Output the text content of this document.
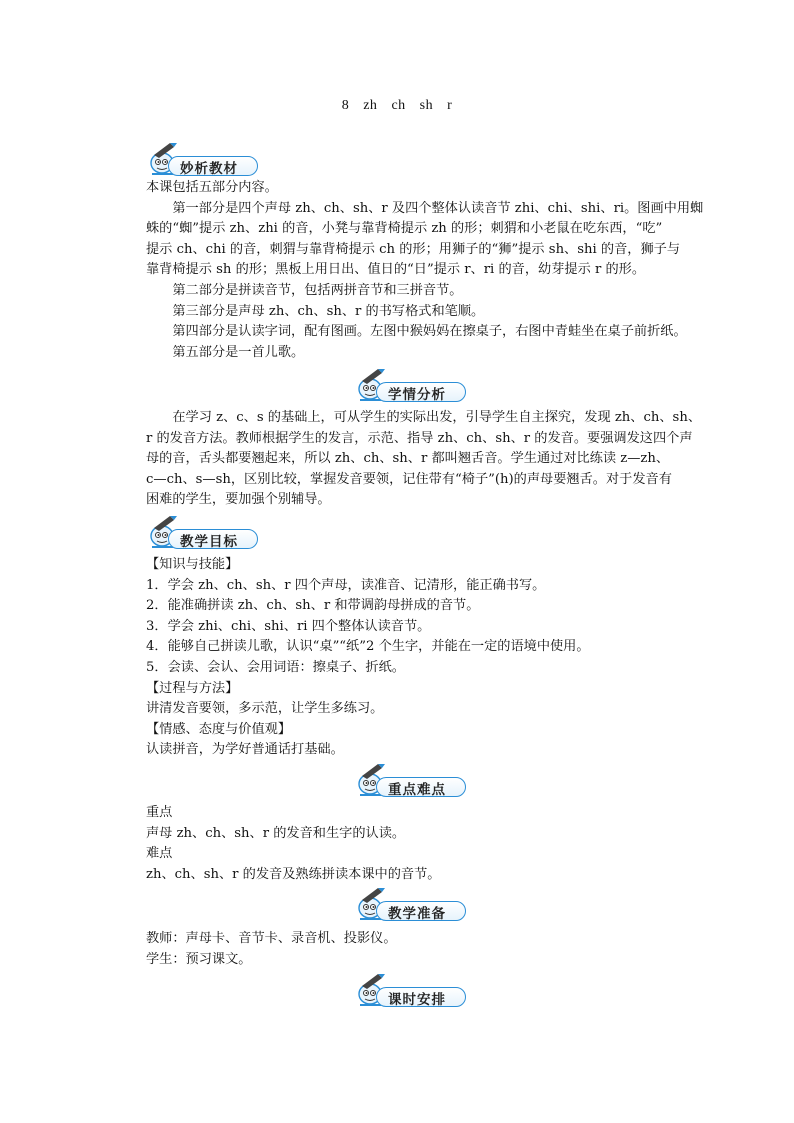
8 zh ch sh r
妙析教材
本课包括五部分内容。
　　第一部分是四个声母 zh、ch、sh、r 及四个整体认读音节 zhi、chi、shi、ri。图画中用蜘
蛛的“蜘”提示 zh、zhi 的音，小凳与靠背椅提示 zh 的形；刺猬和小老鼠在吃东西，“吃”
提示 ch、chi 的音，刺猬与靠背椅提示 ch 的形；用狮子的“狮”提示 sh、shi 的音，狮子与
靠背椅提示 sh 的形；黑板上用日出、值日的“日”提示 r、ri 的音，幼芽提示 r 的形。
　　第二部分是拼读音节，包括两拼音节和三拼音节。
　　第三部分是声母 zh、ch、sh、r 的书写格式和笔顺。
　　第四部分是认读字词，配有图画。左图中猴妈妈在擦桌子，右图中青蛙坐在桌子前折纸。
　　第五部分是一首儿歌。
学情分析
　　在学习 z、c、s 的基础上，可从学生的实际出发，引导学生自主探究，发现 zh、ch、sh、
r 的发音方法。教师根据学生的发言，示范、指导 zh、ch、sh、r 的发音。要强调发这四个声
母的音，舌头都要翘起来，所以 zh、ch、sh、r 都叫翘舌音。学生通过对比练读 z—zh、
c—ch、s—sh，区别比较，掌握发音要领，记住带有“椅子”(h)的声母要翘舌。对于发音有
困难的学生，要加强个别辅导。
教学目标
【知识与技能】
1．学会 zh、ch、sh、r 四个声母，读准音、记清形，能正确书写。
2．能准确拼读 zh、ch、sh、r 和带调韵母拼成的音节。
3．学会 zhi、chi、shi、ri 四个整体认读音节。
4．能够自己拼读儿歌，认识“桌”“纸”2 个生字，并能在一定的语境中使用。
5．会读、会认、会用词语：擦桌子、折纸。
【过程与方法】
讲清发音要领，多示范，让学生多练习。
【情感、态度与价值观】
认读拼音，为学好普通话打基础。
重点难点
重点
声母 zh、ch、sh、r 的发音和生字的认读。
难点
zh、ch、sh、r 的发音及熟练拼读本课中的音节。
教学准备
教师：声母卡、音节卡、录音机、投影仪。
学生：预习课文。
课时安排
